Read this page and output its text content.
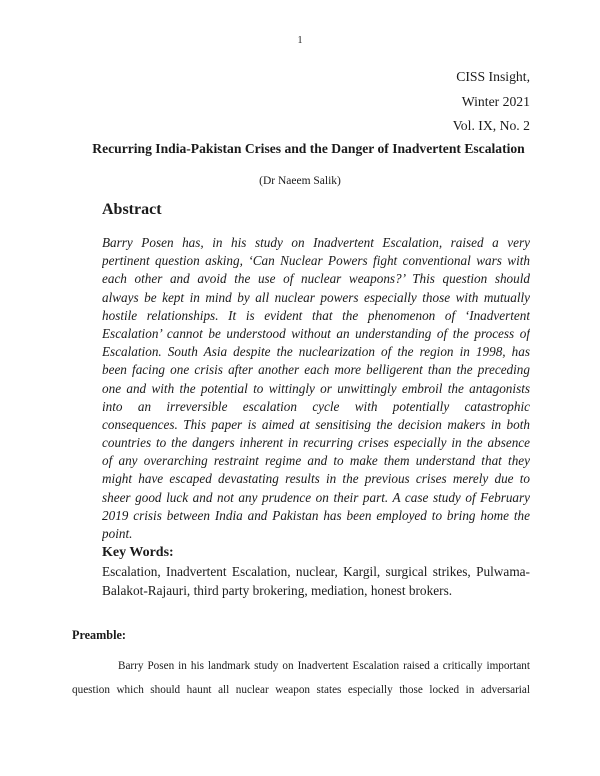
1
CISS Insight,
Winter 2021
Vol. IX, No. 2
Recurring India-Pakistan Crises and the Danger of Inadvertent Escalation
(Dr Naeem Salik)
Abstract
Barry Posen has, in his study on Inadvertent Escalation, raised a very
pertinent question asking, ‘Can Nuclear Powers fight conventional wars with
each other and avoid the use of nuclear weapons?’ This question should
always be kept in mind by all nuclear powers especially those with mutually
hostile relationships. It is evident that the phenomenon of ‘Inadvertent
Escalation’ cannot be understood without an understanding of the process of
Escalation. South Asia despite the nuclearization of the region in 1998, has
been facing one crisis after another each more belligerent than the preceding
one and with the potential to wittingly or unwittingly embroil the antagonists
into an irreversible escalation cycle with potentially catastrophic
consequences. This paper is aimed at sensitising the decision makers in both
countries to the dangers inherent in recurring crises especially in the absence
of any overarching restraint regime and to make them understand that they
might have escaped devastating results in the previous crises merely due to
sheer good luck and not any prudence on their part. A case study of February
2019 crisis between India and Pakistan has been employed to bring home the
point.
Key Words:
Escalation, Inadvertent Escalation, nuclear, Kargil, surgical strikes, Pulwama-
Balakot-Rajauri, third party brokering, mediation, honest brokers.
Preamble:
Barry Posen in his landmark study on Inadvertent Escalation raised a critically important
question which should haunt all nuclear weapon states especially those locked in adversarial
